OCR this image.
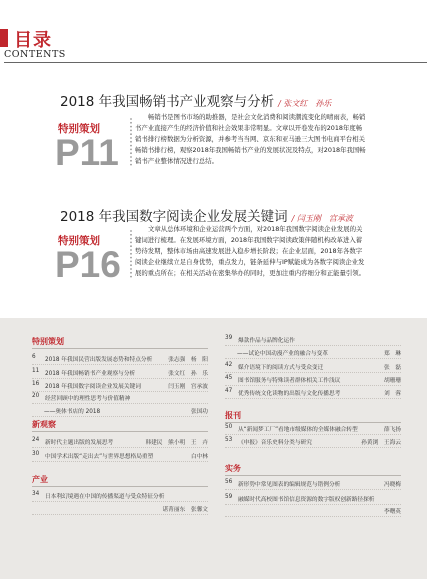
目录
CONTENTS
2018 年我国畅销书产业观察与分析 / 张文红　孙乐
特别策划
P11
畅销书是图书市场的助推器，是社会文化消费和阅读潮流变化的晴雨表，畅销书产业直接产生的经济价值和社会效果非常明显。文章以开卷发布的2018年度畅销书排行榜数据为分析资源，并参考当当网、京东和亚马逊三大图书电商平台相关畅销书排行榜，观察2018年我国畅销书产业的发展状况及特点，对2018年我国畅销书产业整体情况进行总结。
2018 年我国数字阅读企业发展关键词 / 闫玉刚　宫承波
特别策划
P16
文章从总体环境和企业运营两个方面，对2018年我国数字阅读企业发展的关键词进行梳理。在发展环境方面，2018年我国数字阅读政策伴随机构改革进入蓄势待发期，整体市场由高速发展进入稳步增长阶段；在企业层面，2018年各数字阅读企业继续立足自身优势，重点发力，链条延伸与IP赋能成为各数字阅读企业发展的重点所在；在相关活动在密集举办的同时，更加注重内容细分和正能量引领。
特别策划
6 2018 年我国民营出版发展态势和特点分析	张志强　杨　阳
11 2018 年我国畅销书产业观察与分析	张文红　孙　乐
16 2018 年我国数字阅读企业发展关键词	闫玉刚　宫承波
20 经营回顾中的理性思考与价值精神
——奥体书店的 2018	张国功
新观察
24 新时代主题出版的发展思考	韩建民　熊小明　王　卉
30 中国学术出版“走出去”与世界思想格局重塑	白中林
产业
34 日本利幻境遇在中国的传播渠道与受众特征分析
谌菁丽东　张馨文
39 爆款作品与品牌化运作
——试论中国动漫产业的融合与变革	郑　琳
42 媒介语境下的阅读方式与受众变迁	张　磊
45 图书馆服务与特殊读者群体相关工作浅议	胡珊珊
47 优秀传统文化读物的出版与文化传播思考	刘　蓉
报刊
50 从“新闻梦工厂”看地市级媒体的全媒体融合转型	薛飞扬
53 《申报》音乐史料分类与研究	孙黄浏　王海云
实务
56 新形势中常见图表的编辑规范与错例分析	冯晓梅
59 融媒时代高校图书馆信息资源的数字版权创新路径探析
李曙英
